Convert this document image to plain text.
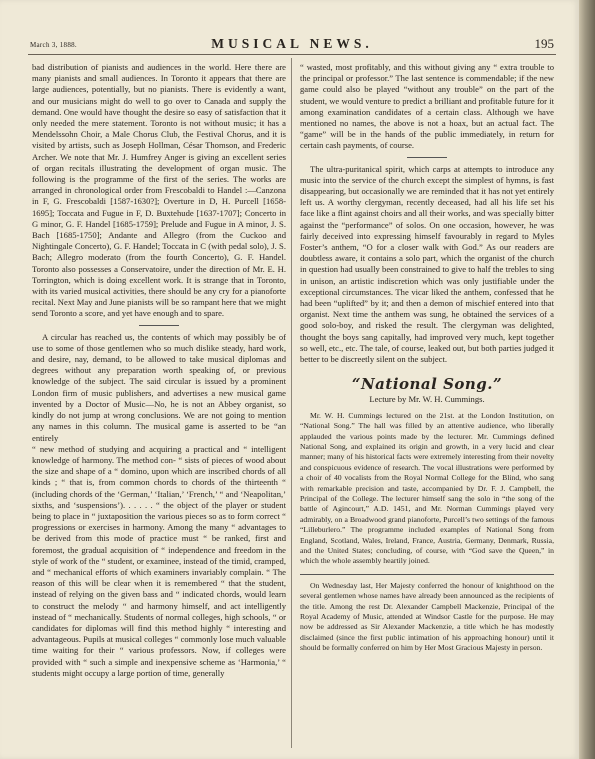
March 3, 1888.	MUSICAL NEWS.	195

bad distribution of pianists and audiences in the world. Here there are many pianists and small audiences. In Toronto it appears that there are large audiences, potentially, but no pianists. There is evidently a want, and our musicians might do well to go over to Canada and supply the demand. One would have thought the desire so easy of satisfaction that it only needed the mere statement. Toronto is not without music; it has a Mendelssohn Choir, a Male Chorus Club, the Festival Chorus, and it is visited by artists, such as Joseph Hollman, César Thomson, and Frederic Archer. We note that Mr. J. Humfrey Anger is giving an excellent series of organ recitals illustrating the development of organ music. The following is the programme of the first of the series. The works are arranged in chronological order from Frescobaldi to Handel :—Canzona in F, G. Frescobaldi [1587-1630?]; Overture in D, H. Purcell [1658-1695]; Toccata and Fugue in F, D. Buxtehude [1637-1707]; Concerto in G minor, G. F. Handel [1685-1759]; Prelude and Fugue in A minor, J. S. Bach [1685-1750]; Andante and Allegro (from the Cuckoo and Nightingale Concerto), G. F. Handel; Toccata in C (with pedal solo), J. S. Bach; Allegro moderato (from the fourth Concerto), G. F. Handel. Toronto also possesses a Conservatoire, under the direction of Mr. E. H. Torrington, which is doing excellent work. It is strange that in Toronto, with its varied musical activities, there should be any cry for a pianoforte recital. Next May and June pianists will be so rampant here that we might send Toronto a score, and yet have enough and to spare.

A circular has reached us, the contents of which may possibly be of use to some of those gentlemen who so much dislike steady, hard work, and desire, nay, demand, to be allowed to take musical diplomas and degrees without any preparation worth speaking of, or previous knowledge of the subject. The said circular is issued by a prominent London firm of music publishers, and advertises a new musical game invented by a Doctor of Music—No, he is not an Abbey organist, so kindly do not jump at wrong conclusions. We are not going to mention any names in this column. The musical game is asserted to be “an entirely

“ new method of studying and acquiring a practical and “ intelligent knowledge of harmony. The method con- “ sists of pieces of wood about the size and shape of a “ domino, upon which are inscribed chords of all kinds ; “ that is, from common chords to chords of the thirteenth “ (including chords of the ‘German,’ ‘Italian,’ ‘French,’ “ and ‘Neapolitan,’ sixths, and ‘suspensions’). . . . . . “ the object of the player or student being to place in “ juxtaposition the various pieces so as to form correct “ progressions or exercises in harmony. Among the many “ advantages to be derived from this mode of practice must “ be ranked, first and foremost, the gradual acquisition of “ independence and freedom in the style of work of the “ student, or examinee, instead of the timid, cramped, and “ mechanical efforts of which examiners invariably complain. “ The reason of this will be clear when it is remembered “ that the student, instead of relying on the given bass and “ indicated chords, would learn to construct the melody “ and harmony himself, and act intelligently instead of “ mechanically. Students of normal colleges, high schools, “ or candidates for diplomas will find this method highly “ interesting and advantageous. Pupils at musical colleges “ commonly lose much valuable time waiting for their “ various professors. Now, if colleges were provided with “ such a simple and inexpensive scheme as ‘Harmonia,’ “ students might occupy a large portion of time, generally

“ wasted, most profitably, and this without giving any “ extra trouble to the principal or professor.” The last sentence is commendable; if the new game could also be played “without any trouble” on the part of the student, we would venture to predict a brilliant and profitable future for it among examination candidates of a certain class. Although we have mentioned no names, the above is not a hoax, but an actual fact. The “game” will be in the hands of the public immediately, in return for certain cash payments, of course.

The ultra-puritanical spirit, which carps at attempts to introduce any music into the service of the church except the simplest of hymns, is fast disappearing, but occasionally we are reminded that it has not yet entirely left us. A worthy clergyman, recently deceased, had all his life set his face like a flint against choirs and all their works, and was specially bitter against the “performance” of solos. On one occasion, however, he was fairly deceived into expressing himself favourably in regard to Myles Foster’s anthem, “O for a closer walk with God.” As our readers are doubtless aware, it contains a solo part, which the organist of the church in question had usually been constrained to give to half the trebles to sing in unison, an artistic indiscretion which was only justifiable under the exceptional circumstances. The vicar liked the anthem, confessed that he had been “uplifted” by it; and then a demon of mischief entered into that organist. Next time the anthem was sung, he obtained the services of a good solo-boy, and risked the result. The clergyman was delighted, thought the boys sang capitally, had improved very much, kept together so well, etc., etc. The tale, of course, leaked out, but both parties judged it better to be discreetly silent on the subject.

“National Song.”
Lecture by Mr. W. H. Cummings.

Mr. W. H. Cummings lectured on the 21st. at the London Institution, on “National Song.” The hall was filled by an attentive audience, who liberally applauded the various points made by the lecturer. Mr. Cummings defined National Song, and explained its origin and growth, in a very lucid and clear manner; many of his historical facts were extremely interesting from their novelty and conspicuous evidence of research. The vocal illustrations were performed by a choir of 40 vocalists from the Royal Normal College for the Blind, who sang with remarkable precision and taste, accompanied by Dr. F. J. Campbell, the Principal of the College. The lecturer himself sang the solo in “the song of the battle of Agincourt,” A.D. 1451, and Mr. Norman Cummings played very admirably, on a Broadwood grand pianoforte, Purcell’s two settings of the famous “Lilleburlero.” The programme included examples of National Song from England, Scotland, Wales, Ireland, France, Austria, Germany, Denmark, Russia, and the United States; concluding, of course, with “God save the Queen,” in which the whole assembly heartily joined.

On Wednesday last, Her Majesty conferred the honour of knighthood on the several gentlemen whose names have already been announced as the recipients of the title. Among the rest Dr. Alexander Campbell Mackenzie, Principal of the Royal Academy of Music, attended at Windsor Castle for the purpose. He may now be addressed as Sir Alexander Mackenzie, a title which he has modestly disclaimed (since the first public intimation of his approaching honour) until it should be formally conferred on him by Her Most Gracious Majesty in person.
